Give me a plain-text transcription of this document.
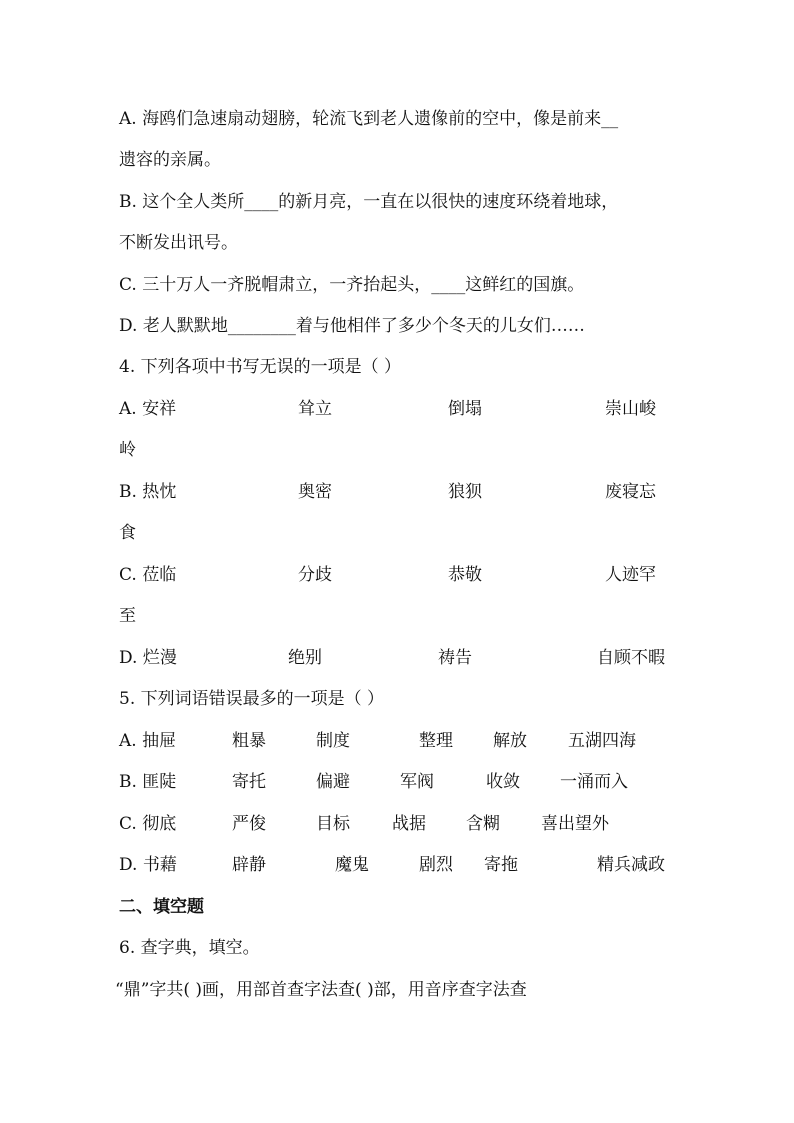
A. 海鸥们急速扇动翅膀，轮流飞到老人遗像前的空中，像是前来__
遗容的亲属。
B. 这个全人类所____的新月亮，一直在以很快的速度环绕着地球，
不断发出讯号。
C. 三十万人一齐脱帽肃立，一齐抬起头，____这鲜红的国旗。
D. 老人默默地________着与他相伴了多少个冬天的儿女们……
4. 下列各项中书写无误的一项是（ ）
A. 安祥	耸立	倒塌	崇山峻
岭
B. 热忱	奥密	狼狈	废寝忘
食
C. 莅临	分歧	恭敬	人迹罕
至
D. 烂漫	绝别	祷告	自顾不暇
5. 下列词语错误最多的一项是（ ）
A. 抽屉	粗暴	制度	整理 解放 五湖四海
B. 匪陡	寄托	偏避	军阀	收敛 一涌而入
C. 彻底	严俊	目标 战据 含糊 喜出望外
D. 书藉	辟静	魔鬼	剧烈 寄拖	精兵减政
二、填空题
6. 查字典，填空。
“鼎”字共( )画，用部首查字法查( )部，用音序查字法查
